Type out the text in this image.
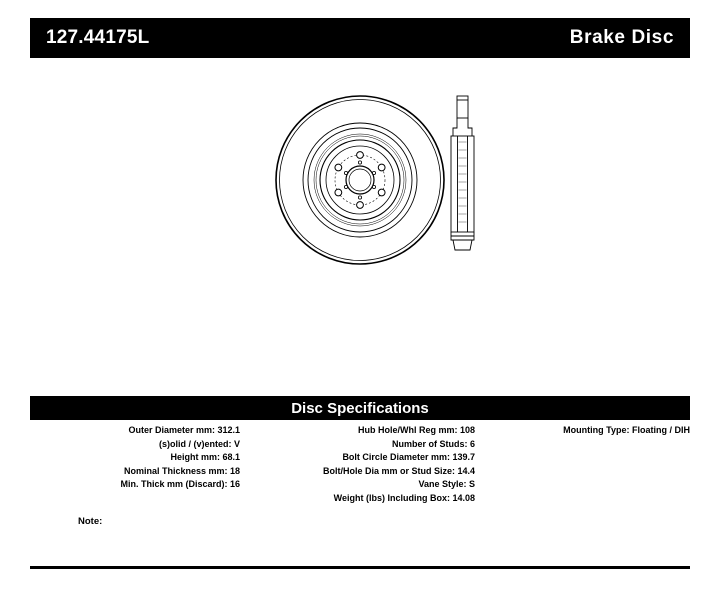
127.44175L	Brake Disc
Disc Specifications
Outer Diameter mm: 312.1
(s)olid / (v)ented: V
Height mm: 68.1
Nominal Thickness mm: 18
Min. Thick mm (Discard): 16
Hub Hole/Whl Reg mm: 108
Number of Studs: 6
Bolt Circle Diameter mm: 139.7
Bolt/Hole Dia mm or Stud Size: 14.4
Vane Style: S
Weight (lbs) Including Box: 14.08
Mounting Type: Floating / DIH
Note:
